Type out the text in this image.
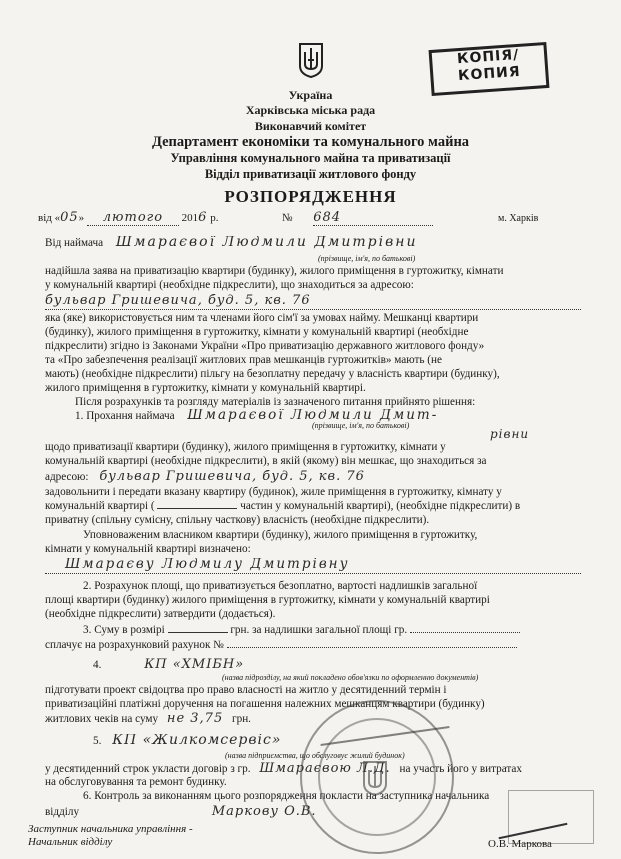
КОПІЯ/
КОПИЯ
Україна
Харківська міська рада
Виконавчий комітет
Департамент економіки та комунального майна
Управління комунального майна та приватизації
Відділ приватизації житлового фонду
РОЗПОРЯДЖЕННЯ
від «05» лютого 2016 р.	№ 684	м. Харків
Від наймача Шмараєвої Людмили Дмитрівни
(прізвище, ім'я, по батькові)
надійшла заява на приватизацію квартири (будинку), жилого приміщення в гуртожитку, кімнати
у комунальній квартирі (необхідне підкреслити), що знаходиться за адресою:
бульвар Гришевича, буд. 5, кв. 76
яка (яке) використовується ним та членами його сім'ї за умовах найму. Мешканці квартири
(будинку), жилого приміщення в гуртожитку, кімнати у комунальній квартирі (необхідне
підкреслити) згідно із Законами України «Про приватизацію державного житлового фонду»
та «Про забезпечення реалізації житлових прав мешканців гуртожитків» мають (не
мають) (необхідне підкреслити) пільгу на безоплатну передачу у власність квартири (будинку),
жилого приміщення в гуртожитку, кімнати у комунальній квартирі.
Після розрахунків та розгляду матеріалів із зазначеного питання прийнято рішення:
1. Прохання наймача Шмараєвої Людмили Дмит-
(прізвище, ім'я, по батькові)
рівни
щодо приватизації квартири (будинку), жилого приміщення в гуртожитку, кімнати у
комунальній квартирі (необхідне підкреслити), в якій (якому) він мешкає, що знаходиться за
адресою: бульвар Гришевича, буд. 5, кв. 76
задовольнити і передати вказану квартиру (будинок), жиле приміщення в гуртожитку, кімнату у
комунальній квартирі (	частин у комунальній квартирі), (необхідне підкреслити) в
приватну (спільну сумісну, спільну часткову) власність (необхідне підкреслити).
Уповноваженим власником квартири (будинку), жилого приміщення в гуртожитку,
кімнати у комунальній квартирі визначено:
Шмараєву Людмилу Дмитрівну
2. Розрахунок площі, що приватизується безоплатно, вартості надлишків загальної
площі квартири (будинку) жилого приміщення в гуртожитку, кімнати у комунальній квартирі
(необхідне підкреслити) затвердити (додається).
3. Суму в розмірі	грн. за надлишки загальної площі гр.
сплачує на розрахунковий рахунок №
4.	КП «ХМІБН»
(назва підрозділу, на який покладено обов'язки по оформленню документів)
підготувати проект свідоцтва про право власності на житло у десятиденний термін і
приватизаційні платіжні доручення на погашення належних мешканцям квартири (будинку)
житлових чеків на суму не 3,75 грн.
5. КП «Жилкомсервіс»
(назва підприємства, що обслуговує жилий будинок)
у десятиденний строк укласти договір з гр. Шмараєвою Л.Д. на участь його у витратах
на обслуговування та ремонт будинку.
6. Контроль за виконанням цього розпорядження покласти на заступника начальника
відділу	Маркову О.В.
Заступник начальника управління -
Начальник відділу	О.В. Маркова
